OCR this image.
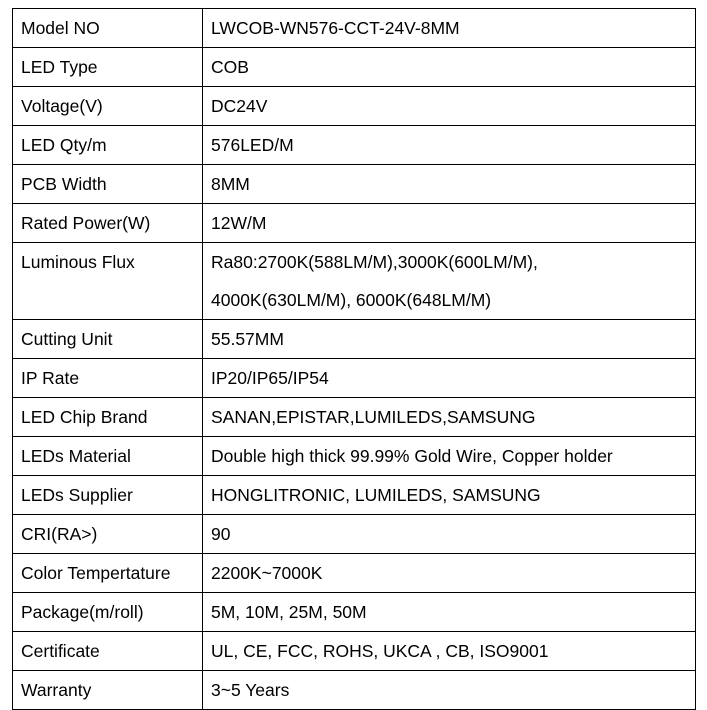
Model NO	LWCOB-WN576-CCT-24V-8MM

LED Type	COB

Voltage(V)	DC24V

LED Qty/m	576LED/M

PCB Width	8MM

Rated Power(W)	12W/M

Luminous Flux	Ra80:2700K(588LM/M),3000K(600LM/M),
4000K(630LM/M), 6000K(648LM/M)

Cutting Unit	55.57MM

IP Rate	IP20/IP65/IP54

LED Chip Brand	SANAN,EPISTAR,LUMILEDS,SAMSUNG

LEDs Material	Double high thick 99.99% Gold Wire, Copper holder

LEDs Supplier	HONGLITRONIC, LUMILEDS, SAMSUNG

CRI(RA>)	90

Color Tempertature	2200K~7000K

Package(m/roll)	5M, 10M, 25M, 50M

Certificate	UL, CE, FCC, ROHS, UKCA , CB, ISO9001

Warranty	3~5 Years
